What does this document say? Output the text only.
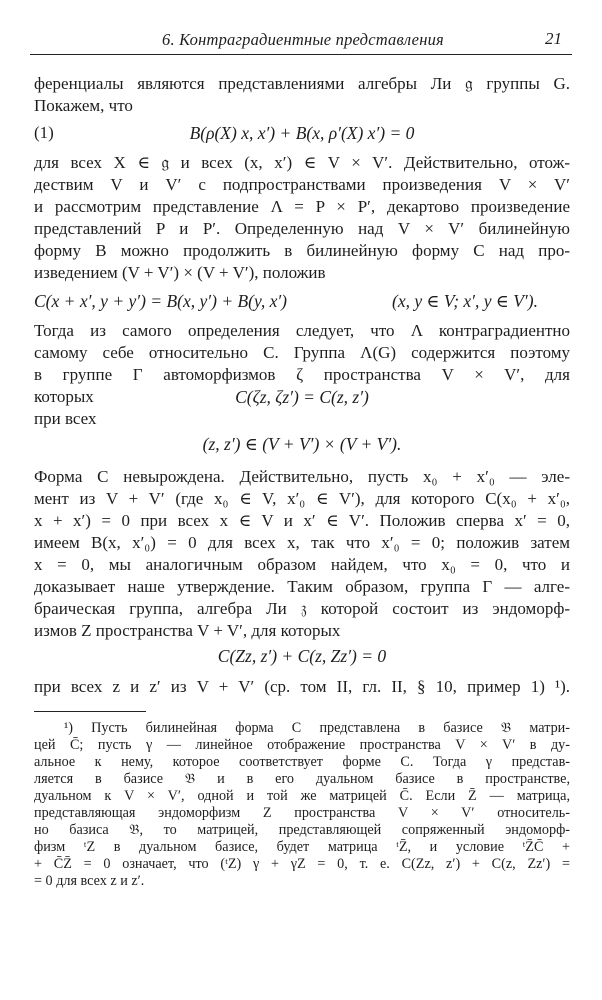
6. Контраградиентные представления	21
ференциалы являются представлениями алгебры Ли 𝔤 группы G.
Покажем, что
(1)	B(ρ(X) x, x′) + B(x, ρ′(X) x′) = 0
для всех X ∈ 𝔤 и всех (x, x′) ∈ V × V′. Действительно, отож-
дествим V и V′ с подпространствами произведения V × V′
и рассмотрим представление Λ = P × P′, декартово произведение
представлений P и P′. Определенную над V × V′ билинейную
форму B можно продолжить в билинейную форму C над про-
изведением (V + V′) × (V + V′), положив
C(x + x′, y + y′) = B(x, y′) + B(y, x′)	(x, y ∈ V; x′, y ∈ V′).
Тогда из самого определения следует, что Λ контраградиентно
самому себе относительно C. Группа Λ(G) содержится поэтому
в группе Γ автоморфизмов ζ пространства V × V′, для
которых	C(ζz, ζz′) = C(z, z′)
при всех
(z, z′) ∈ (V + V′) × (V + V′).
Форма C невырождена. Действительно, пусть x₀ + x′₀ — эле-
мент из V + V′ (где x₀ ∈ V, x′₀ ∈ V′), для которого C(x₀ + x′₀,
x + x′) = 0 при всех x ∈ V и x′ ∈ V′. Положив сперва x′ = 0,
имеем B(x, x′₀) = 0 для всех x, так что x′₀ = 0; положив затем
x = 0, мы аналогичным образом найдем, что x₀ = 0, что и
доказывает наше утверждение. Таким образом, группа Γ — алге-
браическая группа, алгебра Ли 𝔷 которой состоит из эндоморф-
измов Z пространства V + V′, для которых
C(Zz, z′) + C(z, Zz′) = 0
при всех z и z′ из V + V′ (ср. том II, гл. II, § 10, пример 1) ¹).
¹) Пусть билинейная форма C представлена в базисе 𝔅 матри-
цей C̄; пусть γ — линейное отображение пространства V × V′ в ду-
альное к нему, которое соответствует форме C. Тогда γ представ-
ляется в базисе 𝔅 и в его дуальном базисе в пространстве,
дуальном к V × V′, одной и той же матрицей C̄. Если Z̄ — матрица,
представляющая эндоморфизм Z пространства V × V′ относитель-
но базиса 𝔅, то матрицей, представляющей сопряженный эндоморф-
физм ᵗZ в дуальном базисе, будет матрица ᵗZ̄, и условие ᵗZ̄C̄ +
+ C̄Z̄ = 0 означает, что (ᵗZ) γ + γZ = 0, т. е. C(Zz, z′) + C(z, Zz′) =
= 0 для всех z и z′.
